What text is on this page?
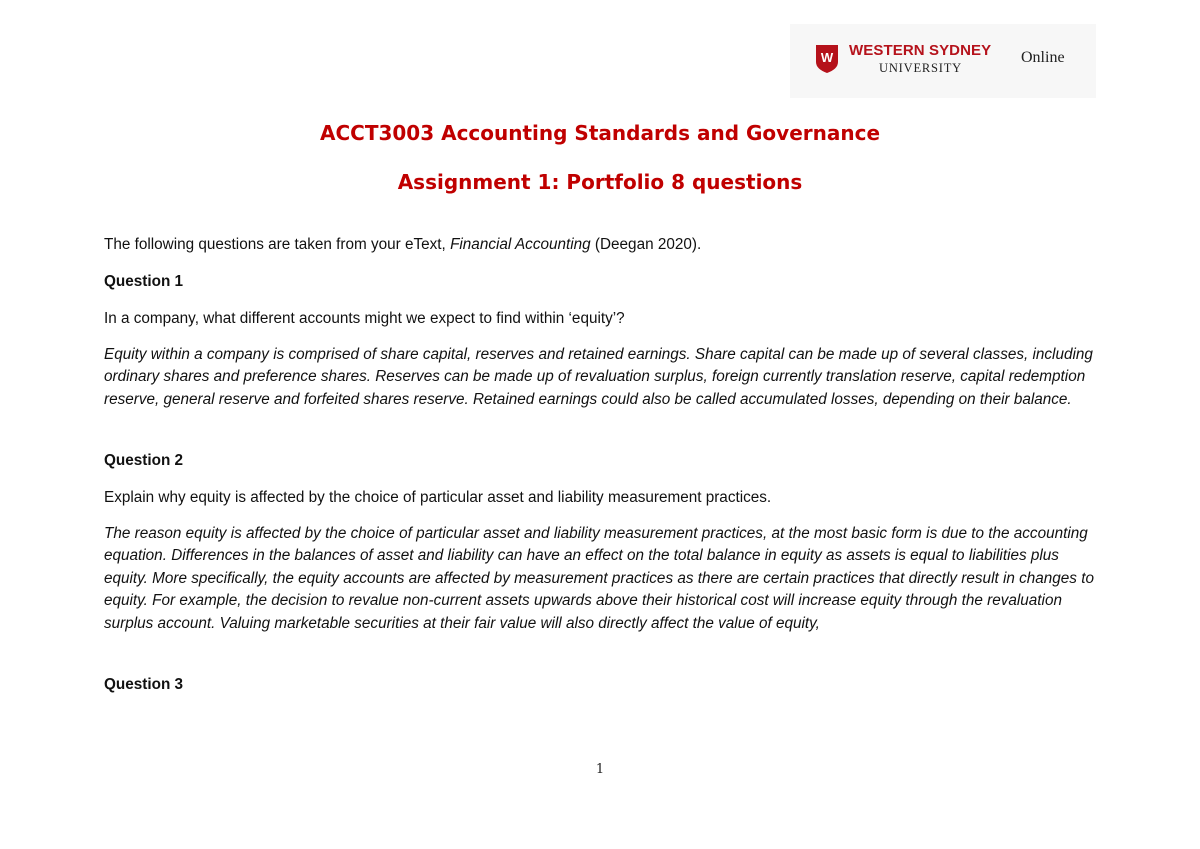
W WESTERN SYDNEY
UNIVERSITY
Online
ACCT3003 Accounting Standards and Governance
Assignment 1: Portfolio 8 questions
The following questions are taken from your eText, Financial Accounting (Deegan 2020).
Question 1
In a company, what different accounts might we expect to find within ‘equity’?
Equity within a company is comprised of share capital, reserves and retained earnings. Share capital can be made up of several classes, including ordinary shares and preference shares. Reserves can be made up of revaluation surplus, foreign currently translation reserve, capital redemption reserve, general reserve and forfeited shares reserve. Retained earnings could also be called accumulated losses, depending on their balance.
Question 2
Explain why equity is affected by the choice of particular asset and liability measurement practices.
The reason equity is affected by the choice of particular asset and liability measurement practices, at the most basic form is due to the accounting equation. Differences in the balances of asset and liability can have an effect on the total balance in equity as assets is equal to liabilities plus equity. More specifically, the equity accounts are affected by measurement practices as there are certain practices that directly result in changes to equity. For example, the decision to revalue non-current assets upwards above their historical cost will increase equity through the revaluation surplus account. Valuing marketable securities at their fair value will also directly affect the value of equity,
Question 3
1
